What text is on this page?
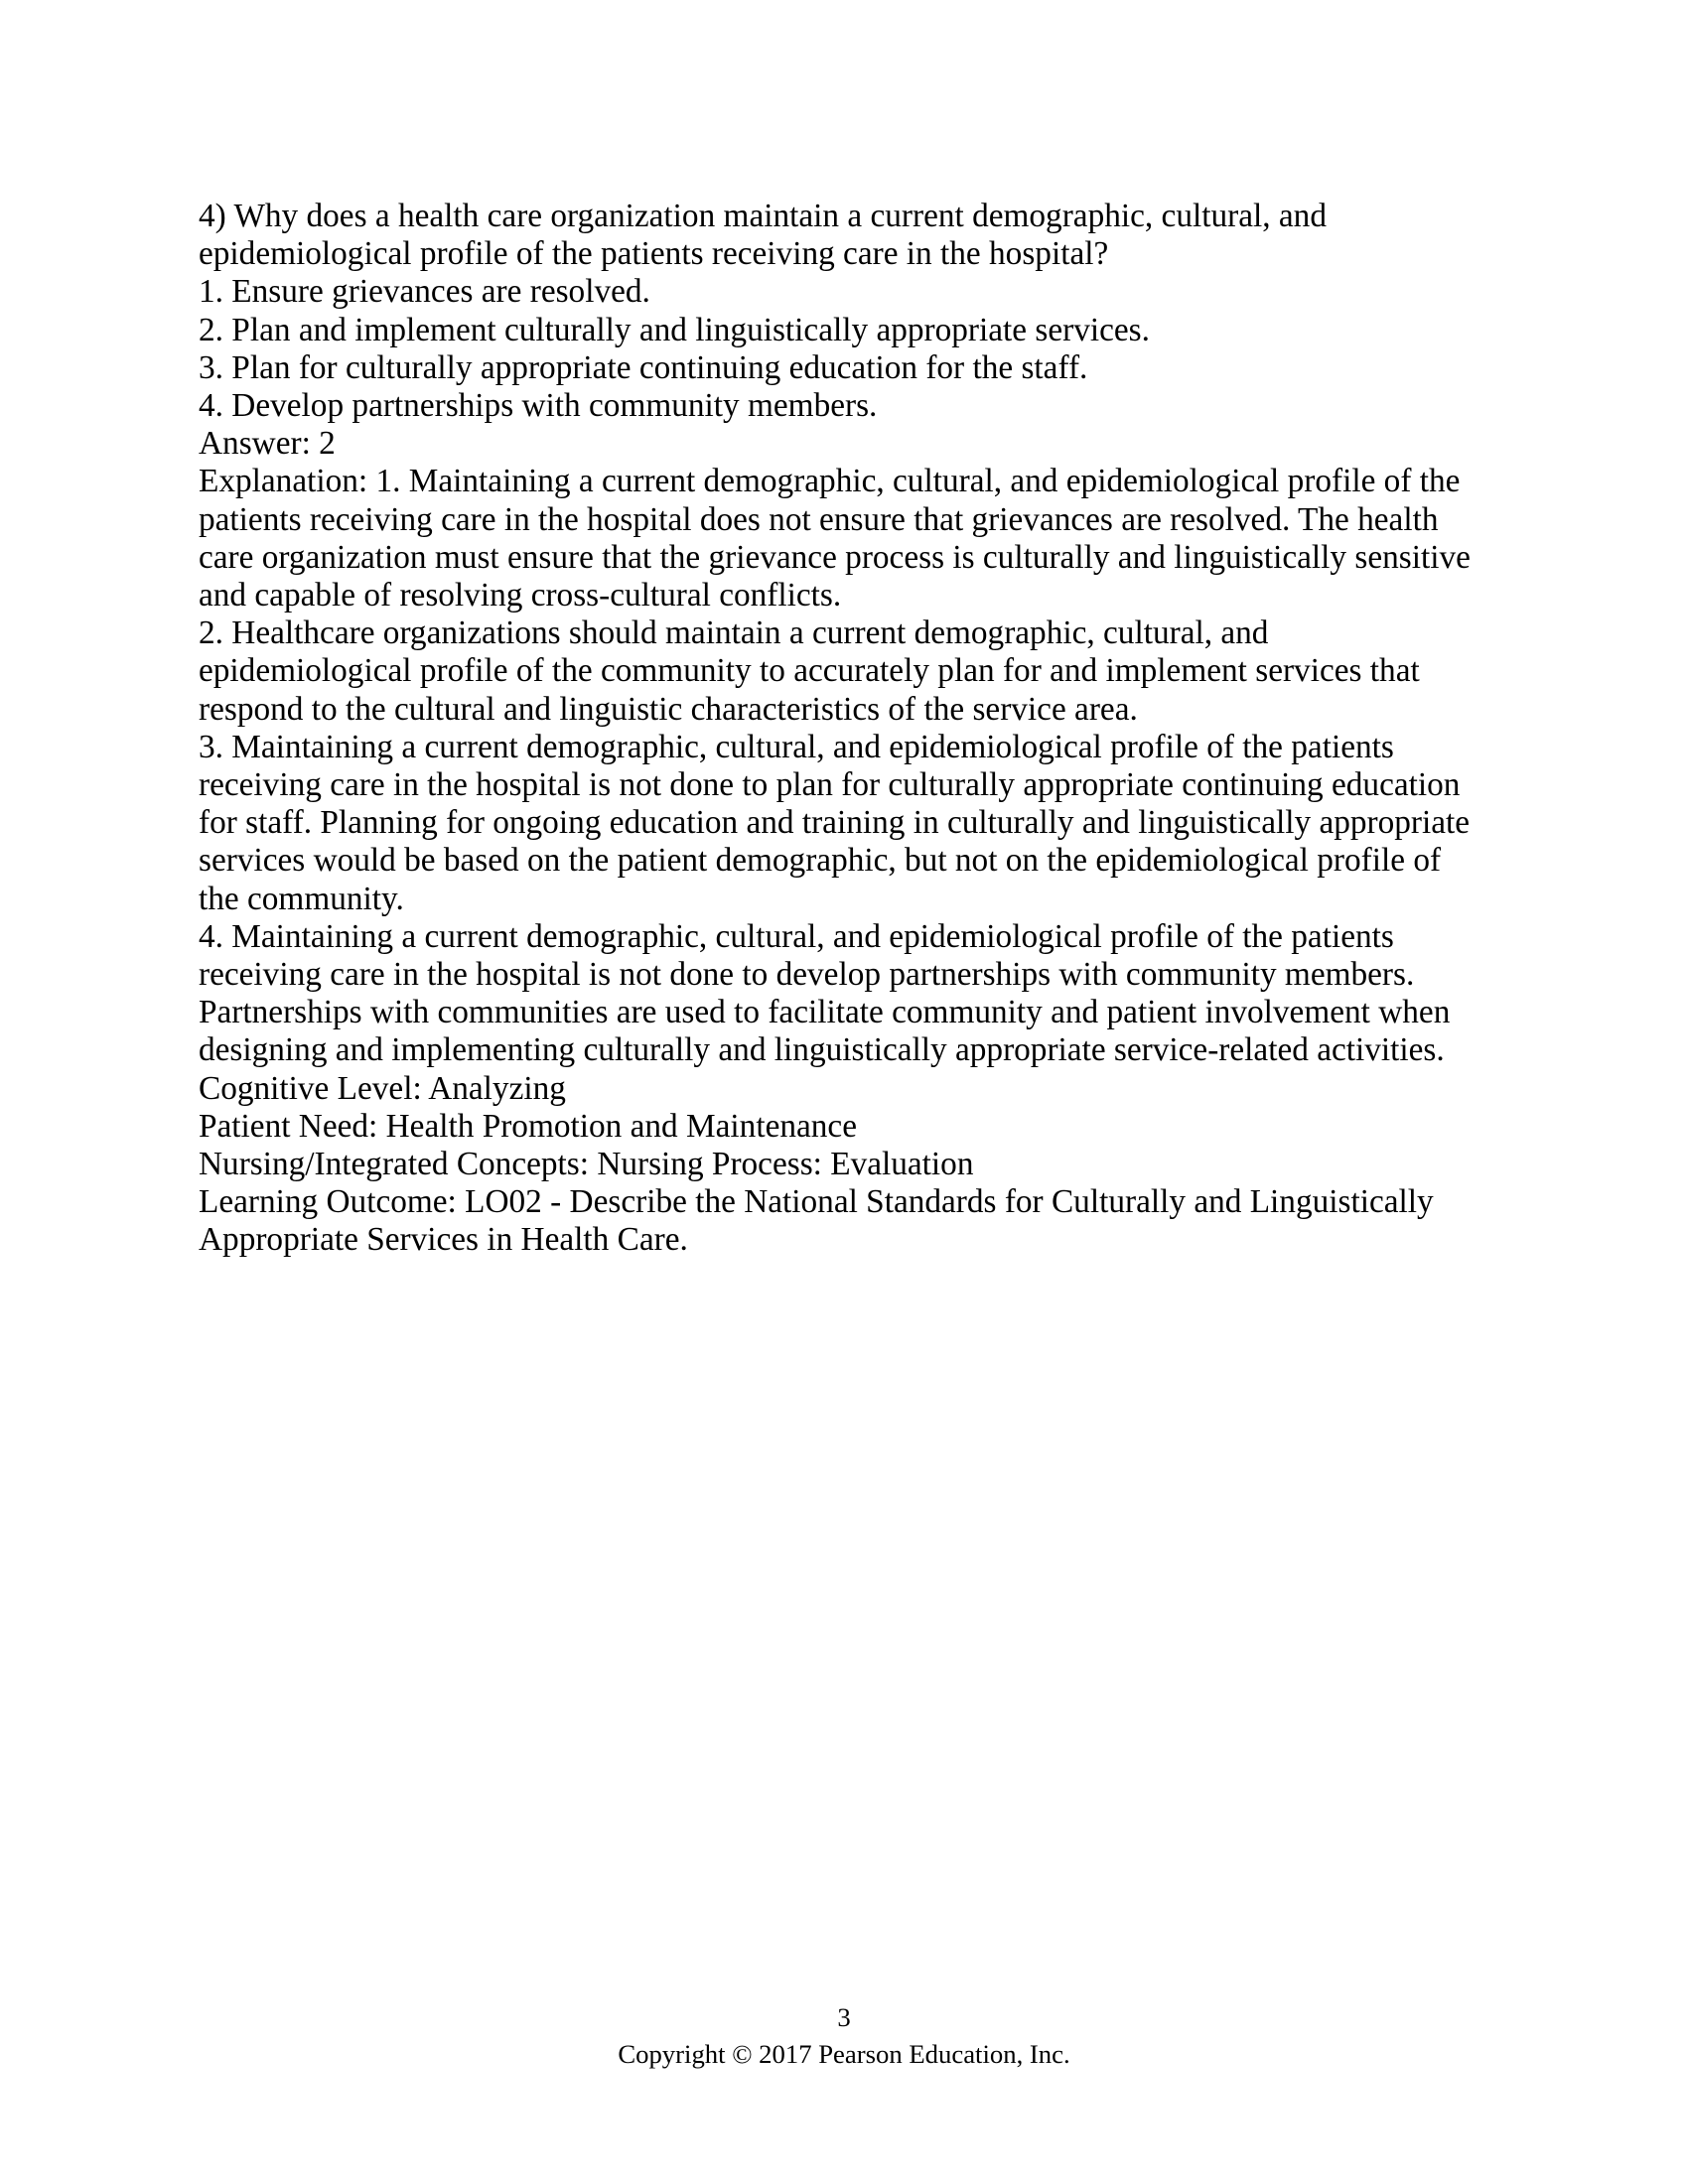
4) Why does a health care organization maintain a current demographic, cultural, and
epidemiological profile of the patients receiving care in the hospital?
1. Ensure grievances are resolved.
2. Plan and implement culturally and linguistically appropriate services.
3. Plan for culturally appropriate continuing education for the staff.
4. Develop partnerships with community members.
Answer: 2
Explanation: 1. Maintaining a current demographic, cultural, and epidemiological profile of the
patients receiving care in the hospital does not ensure that grievances are resolved. The health
care organization must ensure that the grievance process is culturally and linguistically sensitive
and capable of resolving cross-cultural conflicts.
2. Healthcare organizations should maintain a current demographic, cultural, and
epidemiological profile of the community to accurately plan for and implement services that
respond to the cultural and linguistic characteristics of the service area.
3. Maintaining a current demographic, cultural, and epidemiological profile of the patients
receiving care in the hospital is not done to plan for culturally appropriate continuing education
for staff. Planning for ongoing education and training in culturally and linguistically appropriate
services would be based on the patient demographic, but not on the epidemiological profile of
the community.
4. Maintaining a current demographic, cultural, and epidemiological profile of the patients
receiving care in the hospital is not done to develop partnerships with community members.
Partnerships with communities are used to facilitate community and patient involvement when
designing and implementing culturally and linguistically appropriate service-related activities.
Cognitive Level: Analyzing
Patient Need: Health Promotion and Maintenance
Nursing/Integrated Concepts: Nursing Process: Evaluation
Learning Outcome: LO02 - Describe the National Standards for Culturally and Linguistically
Appropriate Services in Health Care.
3
Copyright © 2017 Pearson Education, Inc.
